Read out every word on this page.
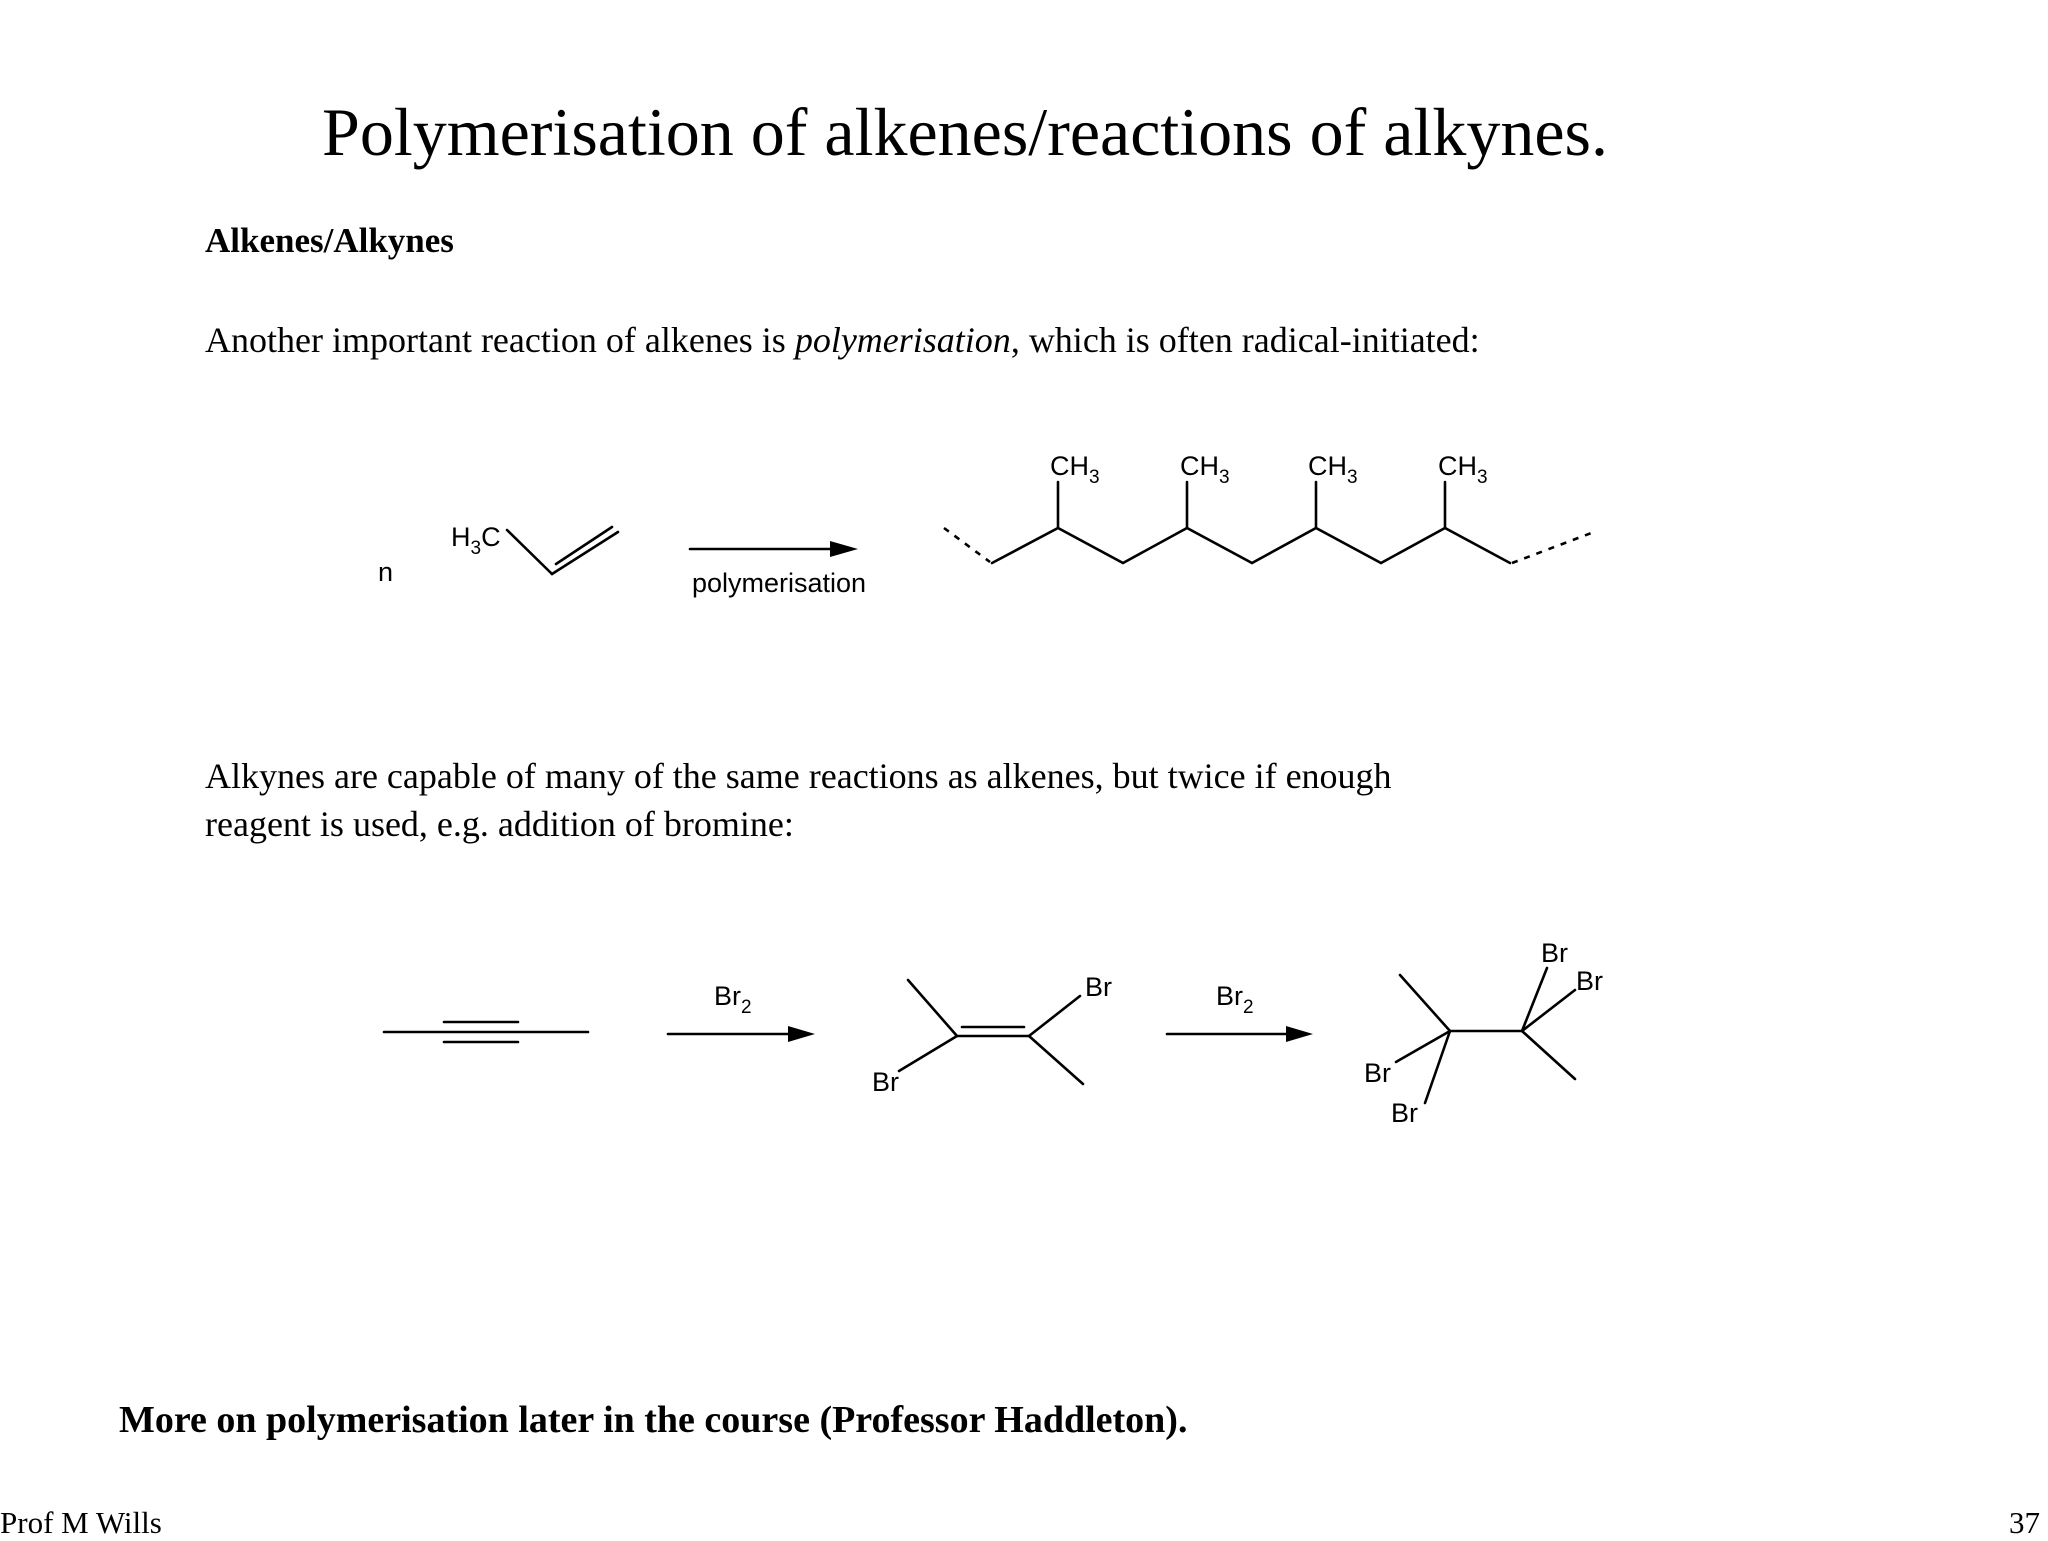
Polymerisation of alkenes/reactions of alkynes.
Alkenes/Alkynes
Another important reaction of alkenes is polymerisation, which is often radical-initiated:
Alkynes are capable of many of the same reactions as alkenes, but twice if enough
reagent is used, e.g. addition of bromine:
n
H3C
polymerisation
CH3	CH3	CH3	CH3
Br2
Br
Br
Br2
Br
Br
Br
Br
More on polymerisation later in the course (Professor Haddleton).
Prof M Wills	37
